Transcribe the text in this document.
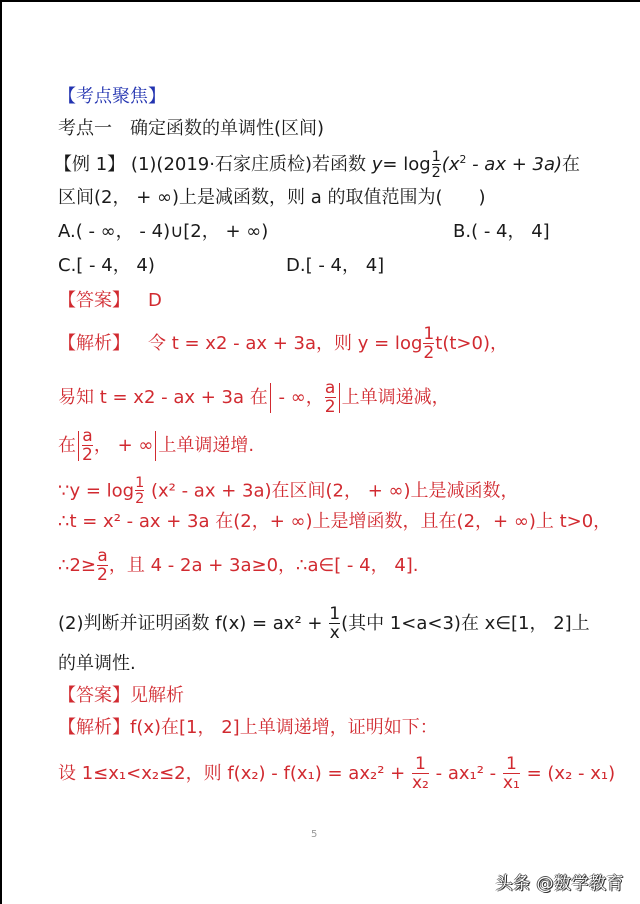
【考点聚焦】
考点一 确定函数的单调性(区间)
【例 1】 (1)(2019·石家庄质检)若函数 $y= \log \frac{1}{2} (x^2$ - ax + 3a)在
区间(2， + ∞)上是减函数，则 a 的取值范围为(　　)
A.( - ∞， - 4)∪[2， + ∞)	B.( - 4， 4]
C.[ - 4， 4)	D.[ - 4， 4]
【答案】 D
【解析】 令 t = x2 - ax + 3a，则 $y = \log \frac{1}{2} t(t>0)$，
易知 t = x2 - ax + 3a 在 - ∞， $\frac{a}{2}$ 上单调递减，
在 $\frac{a}{2}$ ， + ∞ 上单调递增.
∵y = $\log \frac{1}{2} (x^2$ - ax + 3a)在区间(2， + ∞)上是减函数，
∴t = x² - ax + 3a 在(2，+ ∞)上是增函数，且在(2，+ ∞)上 t>0，
∴2≥ $\frac{a}{2}$ ，且 4 - 2a + 3a≥0，∴a∈[ - 4， 4].
(2)判断并证明函数 $f(x) = ax^2 + \frac{1}{x}$ (其中 1<a<3)在 x∈[1， 2]上
的单调性.
【答案】见解析
【解析】f(x)在[1， 2]上单调递增，证明如下：
设 1≤x₁<x₂≤2，则 $f(x_2) - f(x_1) = ax_2^2 + \frac{1}{\text{x₂}} - ax_1^2 - \frac{1}{\text{x₁}} = (x_2 - x_1)$
5
头条 @数学教育
